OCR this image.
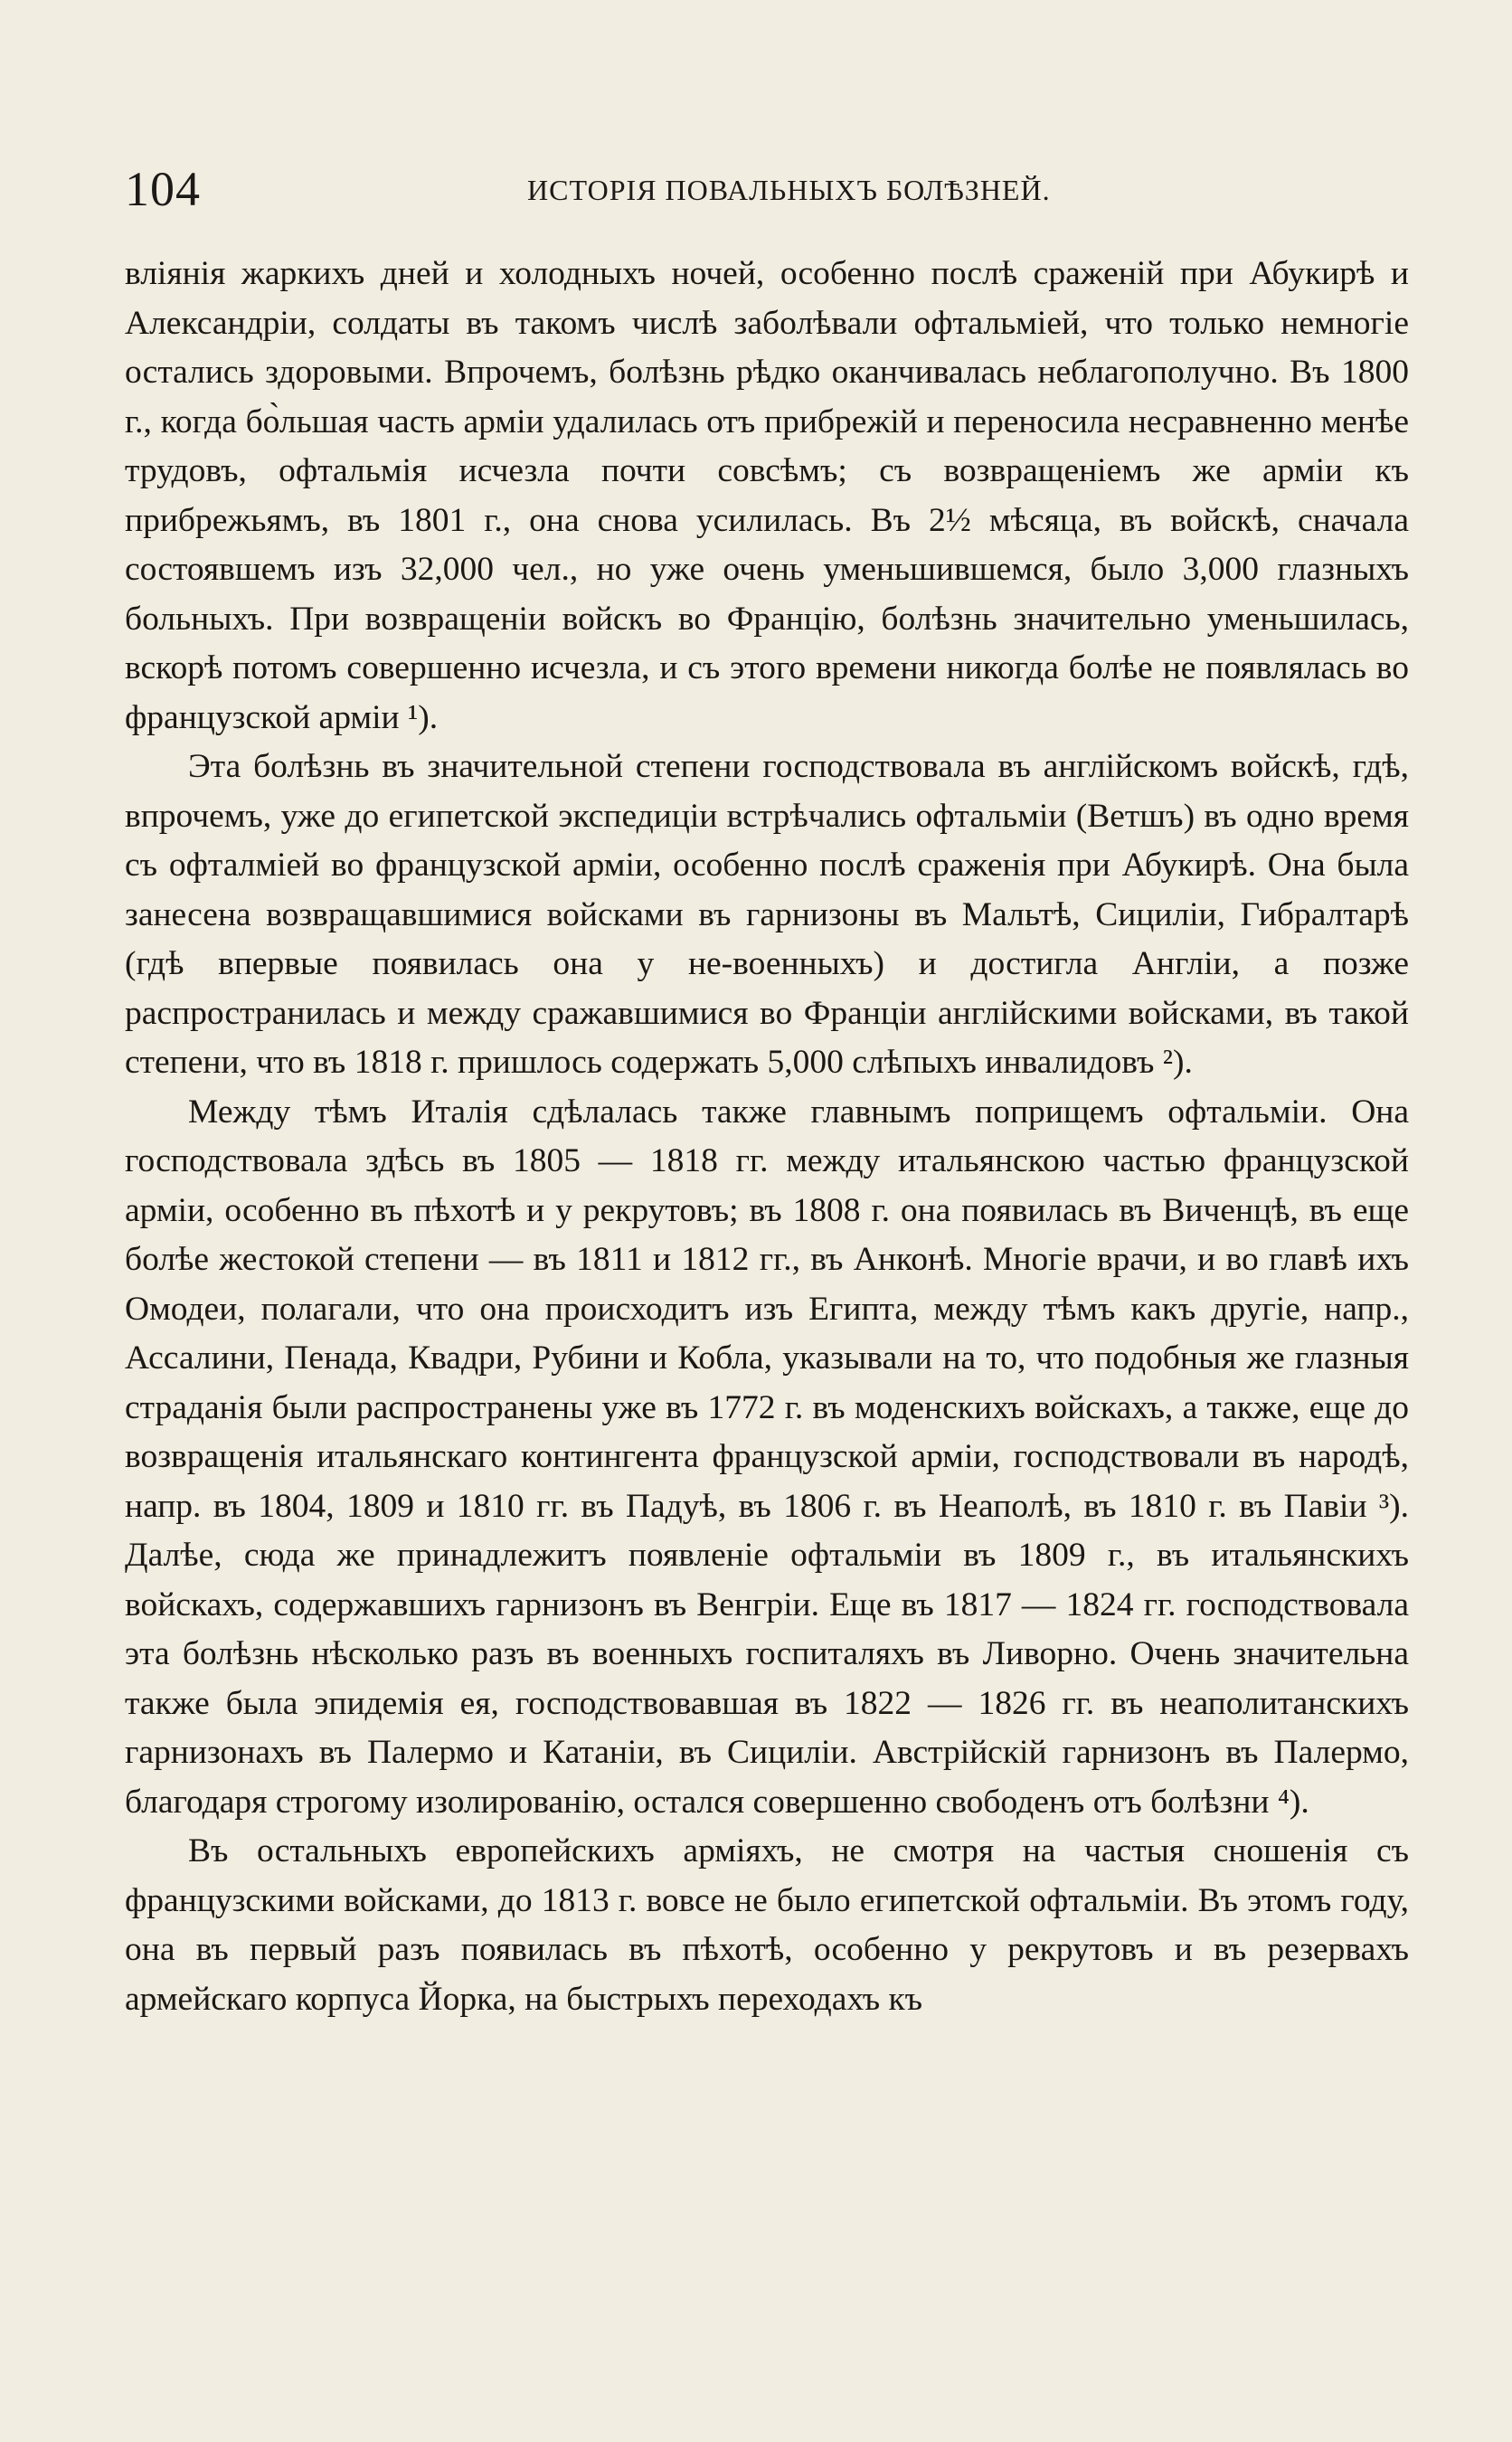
104	ИСТОРІЯ ПОВАЛЬНЫХЪ БОЛѢЗНЕЙ.

вліянія жаркихъ дней и холодныхъ ночей, особенно послѣ сраженій при Абукирѣ и Александріи, солдаты въ такомъ числѣ заболѣвали офтальміей, что только немногіе остались здоровыми. Впрочемъ, болѣзнь рѣдко оканчивалась неблагополучно. Въ 1800 г., когда бо̀льшая часть арміи удалилась отъ прибрежій и переносила несравненно менѣе трудовъ, офтальмія исчезла почти совсѣмъ; съ возвращеніемъ же арміи къ прибрежьямъ, въ 1801 г., она снова усилилась. Въ 2½ мѣсяца, въ войскѣ, сначала состоявшемъ изъ 32,000 чел., но уже очень уменьшившемся, было 3,000 глазныхъ больныхъ. При возвращеніи войскъ во Францію, болѣзнь значительно уменьшилась, вскорѣ потомъ совершенно исчезла, и съ этого времени никогда болѣе не появлялась во французской арміи ¹).

Эта болѣзнь въ значительной степени господствовала въ англійскомъ войскѣ, гдѣ, впрочемъ, уже до египетской экспедиціи встрѣчались офтальміи (Ветшъ) въ одно время съ офталміей во французской арміи, особенно послѣ сраженія при Абукирѣ. Она была занесена возвращавшимися войсками въ гарнизоны въ Мальтѣ, Сициліи, Гибралтарѣ (гдѣ впервые появилась она у не-военныхъ) и достигла Англіи, а позже распространилась и между сражавшимися во Франціи англійскими войсками, въ такой степени, что въ 1818 г. пришлось содержать 5,000 слѣпыхъ инвалидовъ ²).

Между тѣмъ Италія сдѣлалась также главнымъ поприщемъ офтальміи. Она господствовала здѣсь въ 1805 — 1818 гг. между итальянскою частью французской арміи, особенно въ пѣхотѣ и у рекрутовъ; въ 1808 г. она появилась въ Виченцѣ, въ еще болѣе жестокой степени — въ 1811 и 1812 гг., въ Анконѣ. Многіе врачи, и во главѣ ихъ Омодеи, полагали, что она происходитъ изъ Египта, между тѣмъ какъ другіе, напр., Ассалини, Пенада, Квадри, Рубини и Кобла, указывали на то, что подобныя же глазныя страданія были распространены уже въ 1772 г. въ моденскихъ войскахъ, а также, еще до возвращенія итальянскаго контингента французской арміи, господствовали въ народѣ, напр. въ 1804, 1809 и 1810 гг. въ Падуѣ, въ 1806 г. въ Неаполѣ, въ 1810 г. въ Павіи ³). Далѣе, сюда же принадлежитъ появленіе офтальміи въ 1809 г., въ итальянскихъ войскахъ, содержавшихъ гарнизонъ въ Венгріи. Еще въ 1817 — 1824 гг. господствовала эта болѣзнь нѣсколько разъ въ военныхъ госпиталяхъ въ Ливорно. Очень значительна также была эпидемія ея, господствовавшая въ 1822 — 1826 гг. въ неаполитанскихъ гарнизонахъ въ Палермо и Катаніи, въ Сициліи. Австрійскій гарнизонъ въ Палермо, благодаря строгому изолированію, остался совершенно свободенъ отъ болѣзни ⁴).

Въ остальныхъ европейскихъ арміяхъ, не смотря на частыя сношенія съ французскими войсками, до 1813 г. вовсе не было египетской офтальміи. Въ этомъ году, она въ первый разъ появилась въ пѣхотѣ, особенно у рекрутовъ и въ резервахъ армейскаго корпуса Йорка, на быстрыхъ переходахъ къ
